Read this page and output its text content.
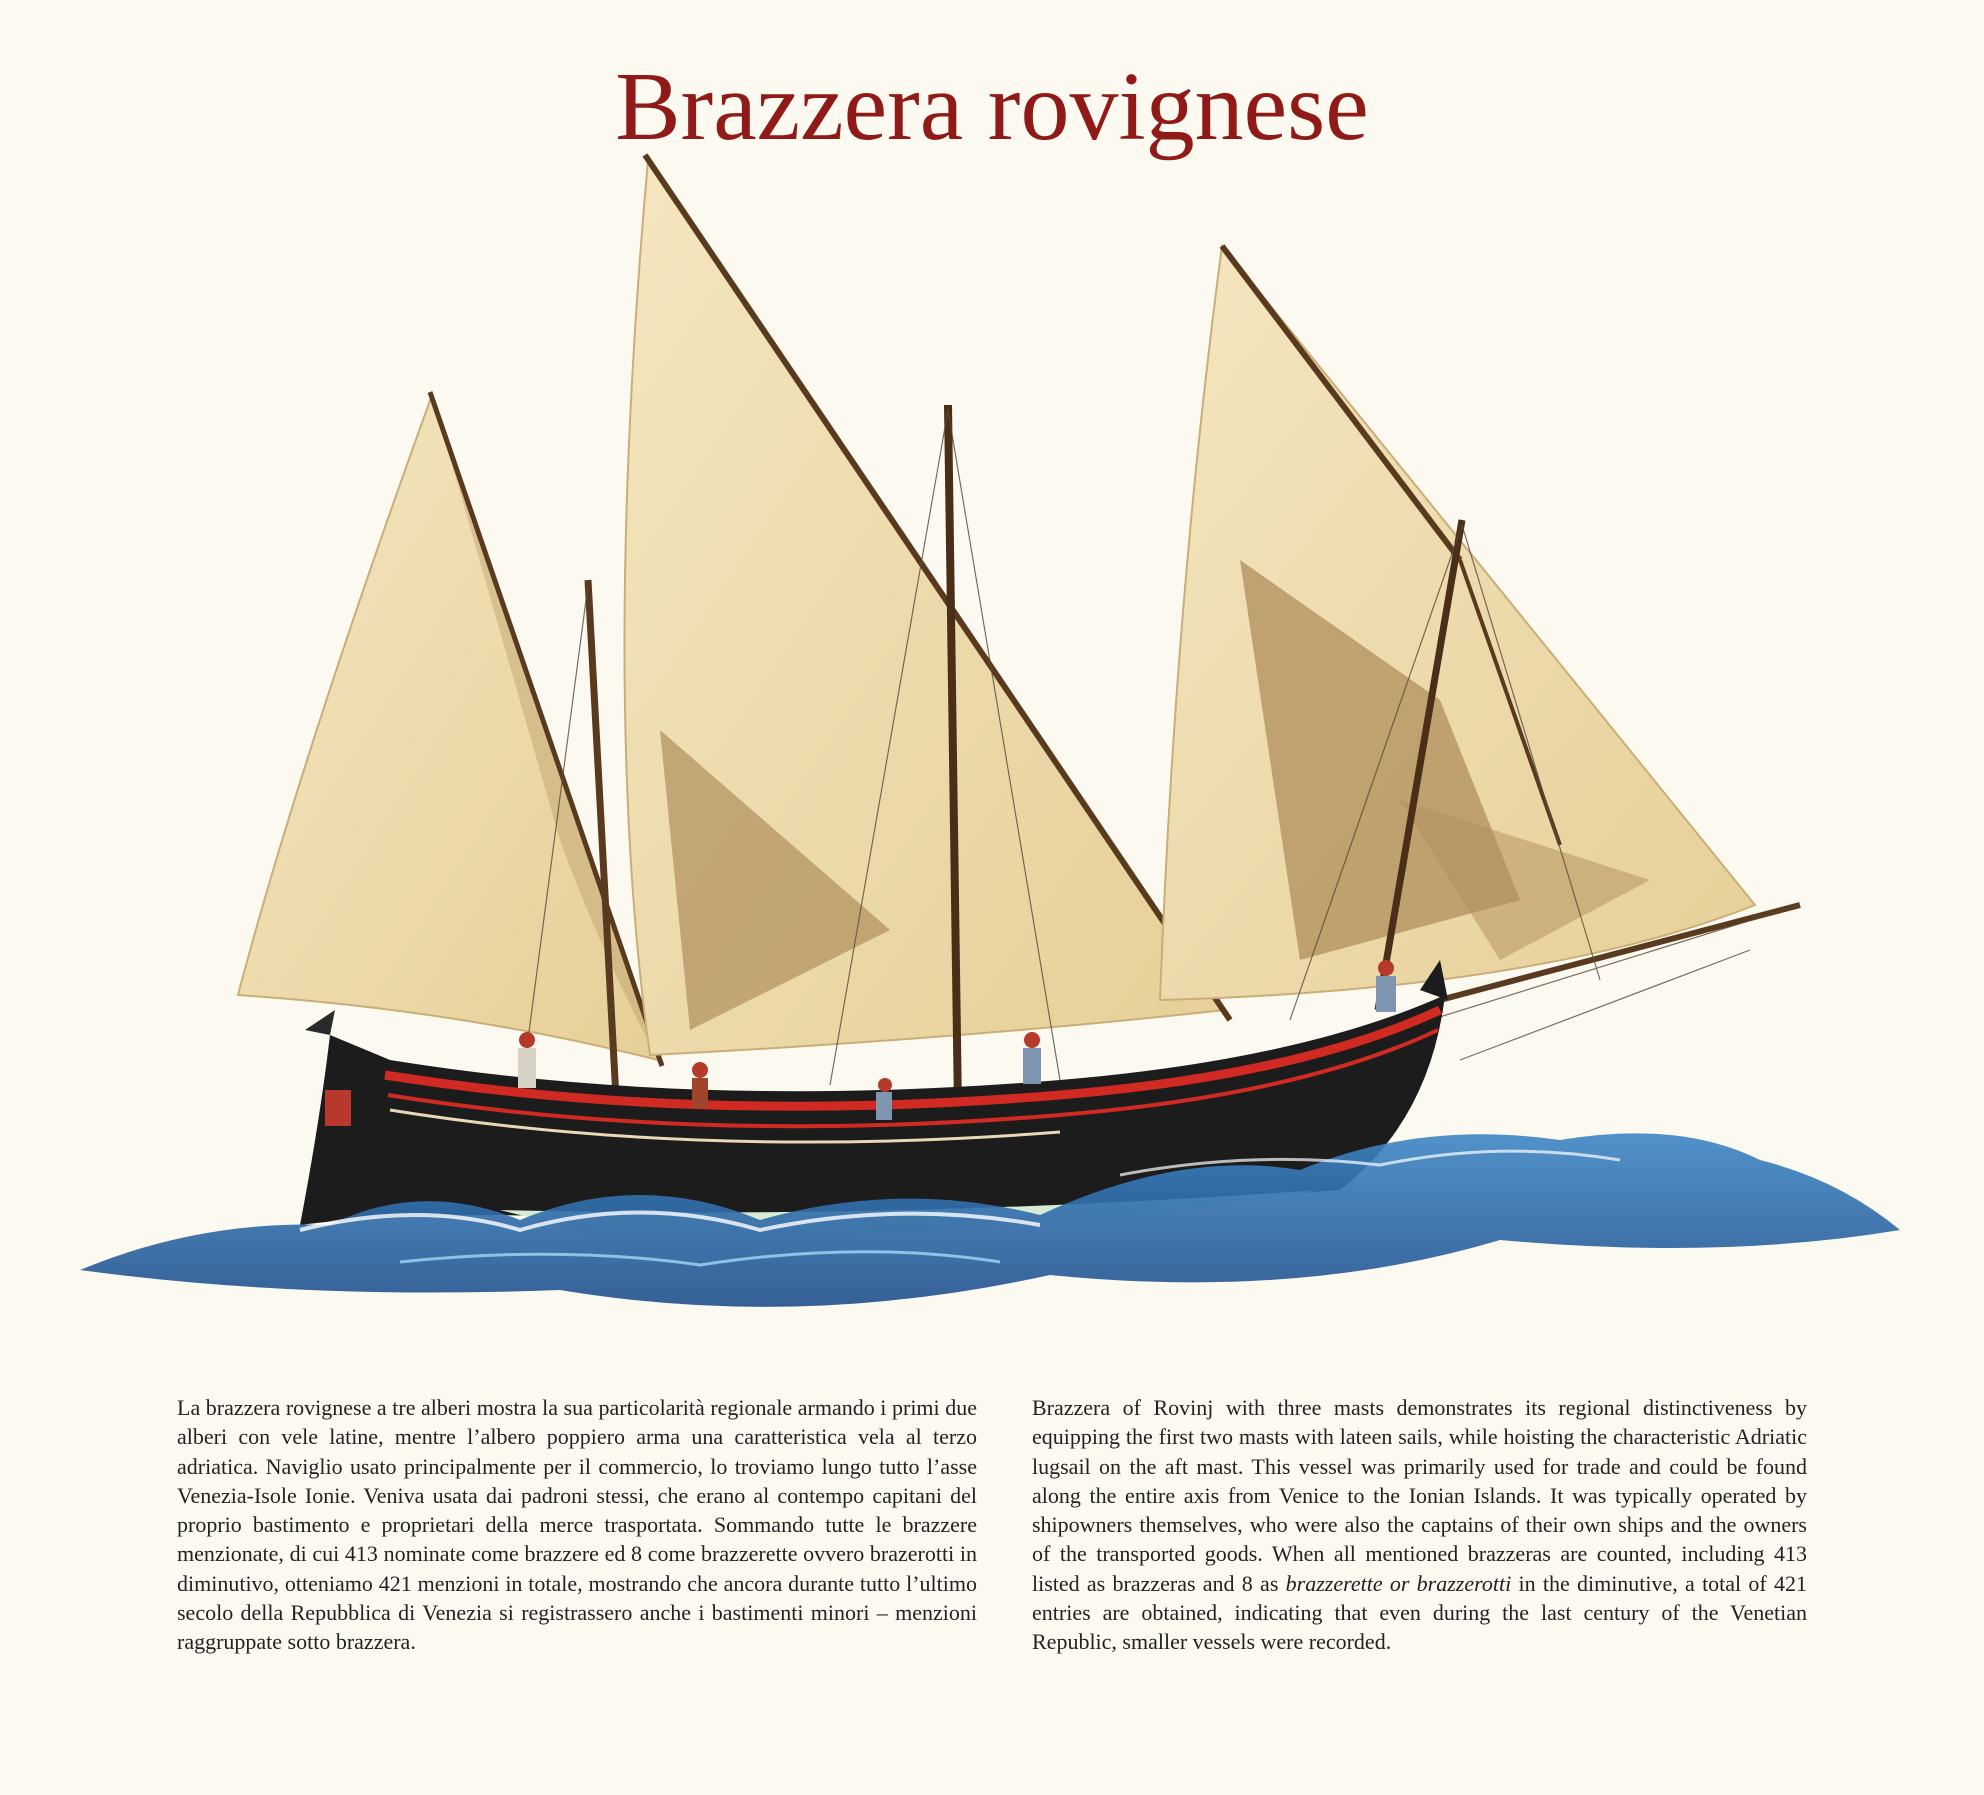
Brazzera rovignese
La brazzera rovignese a tre alberi mostra la sua particolarità regionale armando i primi due alberi con vele latine, mentre l’albero poppiero arma una caratteristica vela al terzo adriatica. Naviglio usato principalmente per il commercio, lo troviamo lungo tutto l’asse Venezia-Isole Ionie. Veniva usata dai padroni stessi, che erano al contempo capitani del proprio bastimento e proprietari della merce trasportata. Sommando tutte le brazzere menzionate, di cui 413 nominate come brazzere ed 8 come brazzerette ovvero brazerotti in diminutivo, otteniamo 421 menzioni in totale, mostrando che ancora durante tutto l’ultimo secolo della Repubblica di Venezia si registrassero anche i bastimenti minori – menzioni raggruppate sotto brazzera.
Brazzera of Rovinj with three masts demonstrates its regional distinctiveness by equipping the first two masts with lateen sails, while hoisting the characteristic Adriatic lugsail on the aft mast. This vessel was primarily used for trade and could be found along the entire axis from Venice to the Ionian Islands. It was typically operated by shipowners themselves, who were also the captains of their own ships and the owners of the transported goods. When all mentioned brazzeras are counted, including 413 listed as brazzeras and 8 as brazzerette or brazzerotti in the diminutive, a total of 421 entries are obtained, indicating that even during the last century of the Venetian Republic, smaller vessels were recorded.
